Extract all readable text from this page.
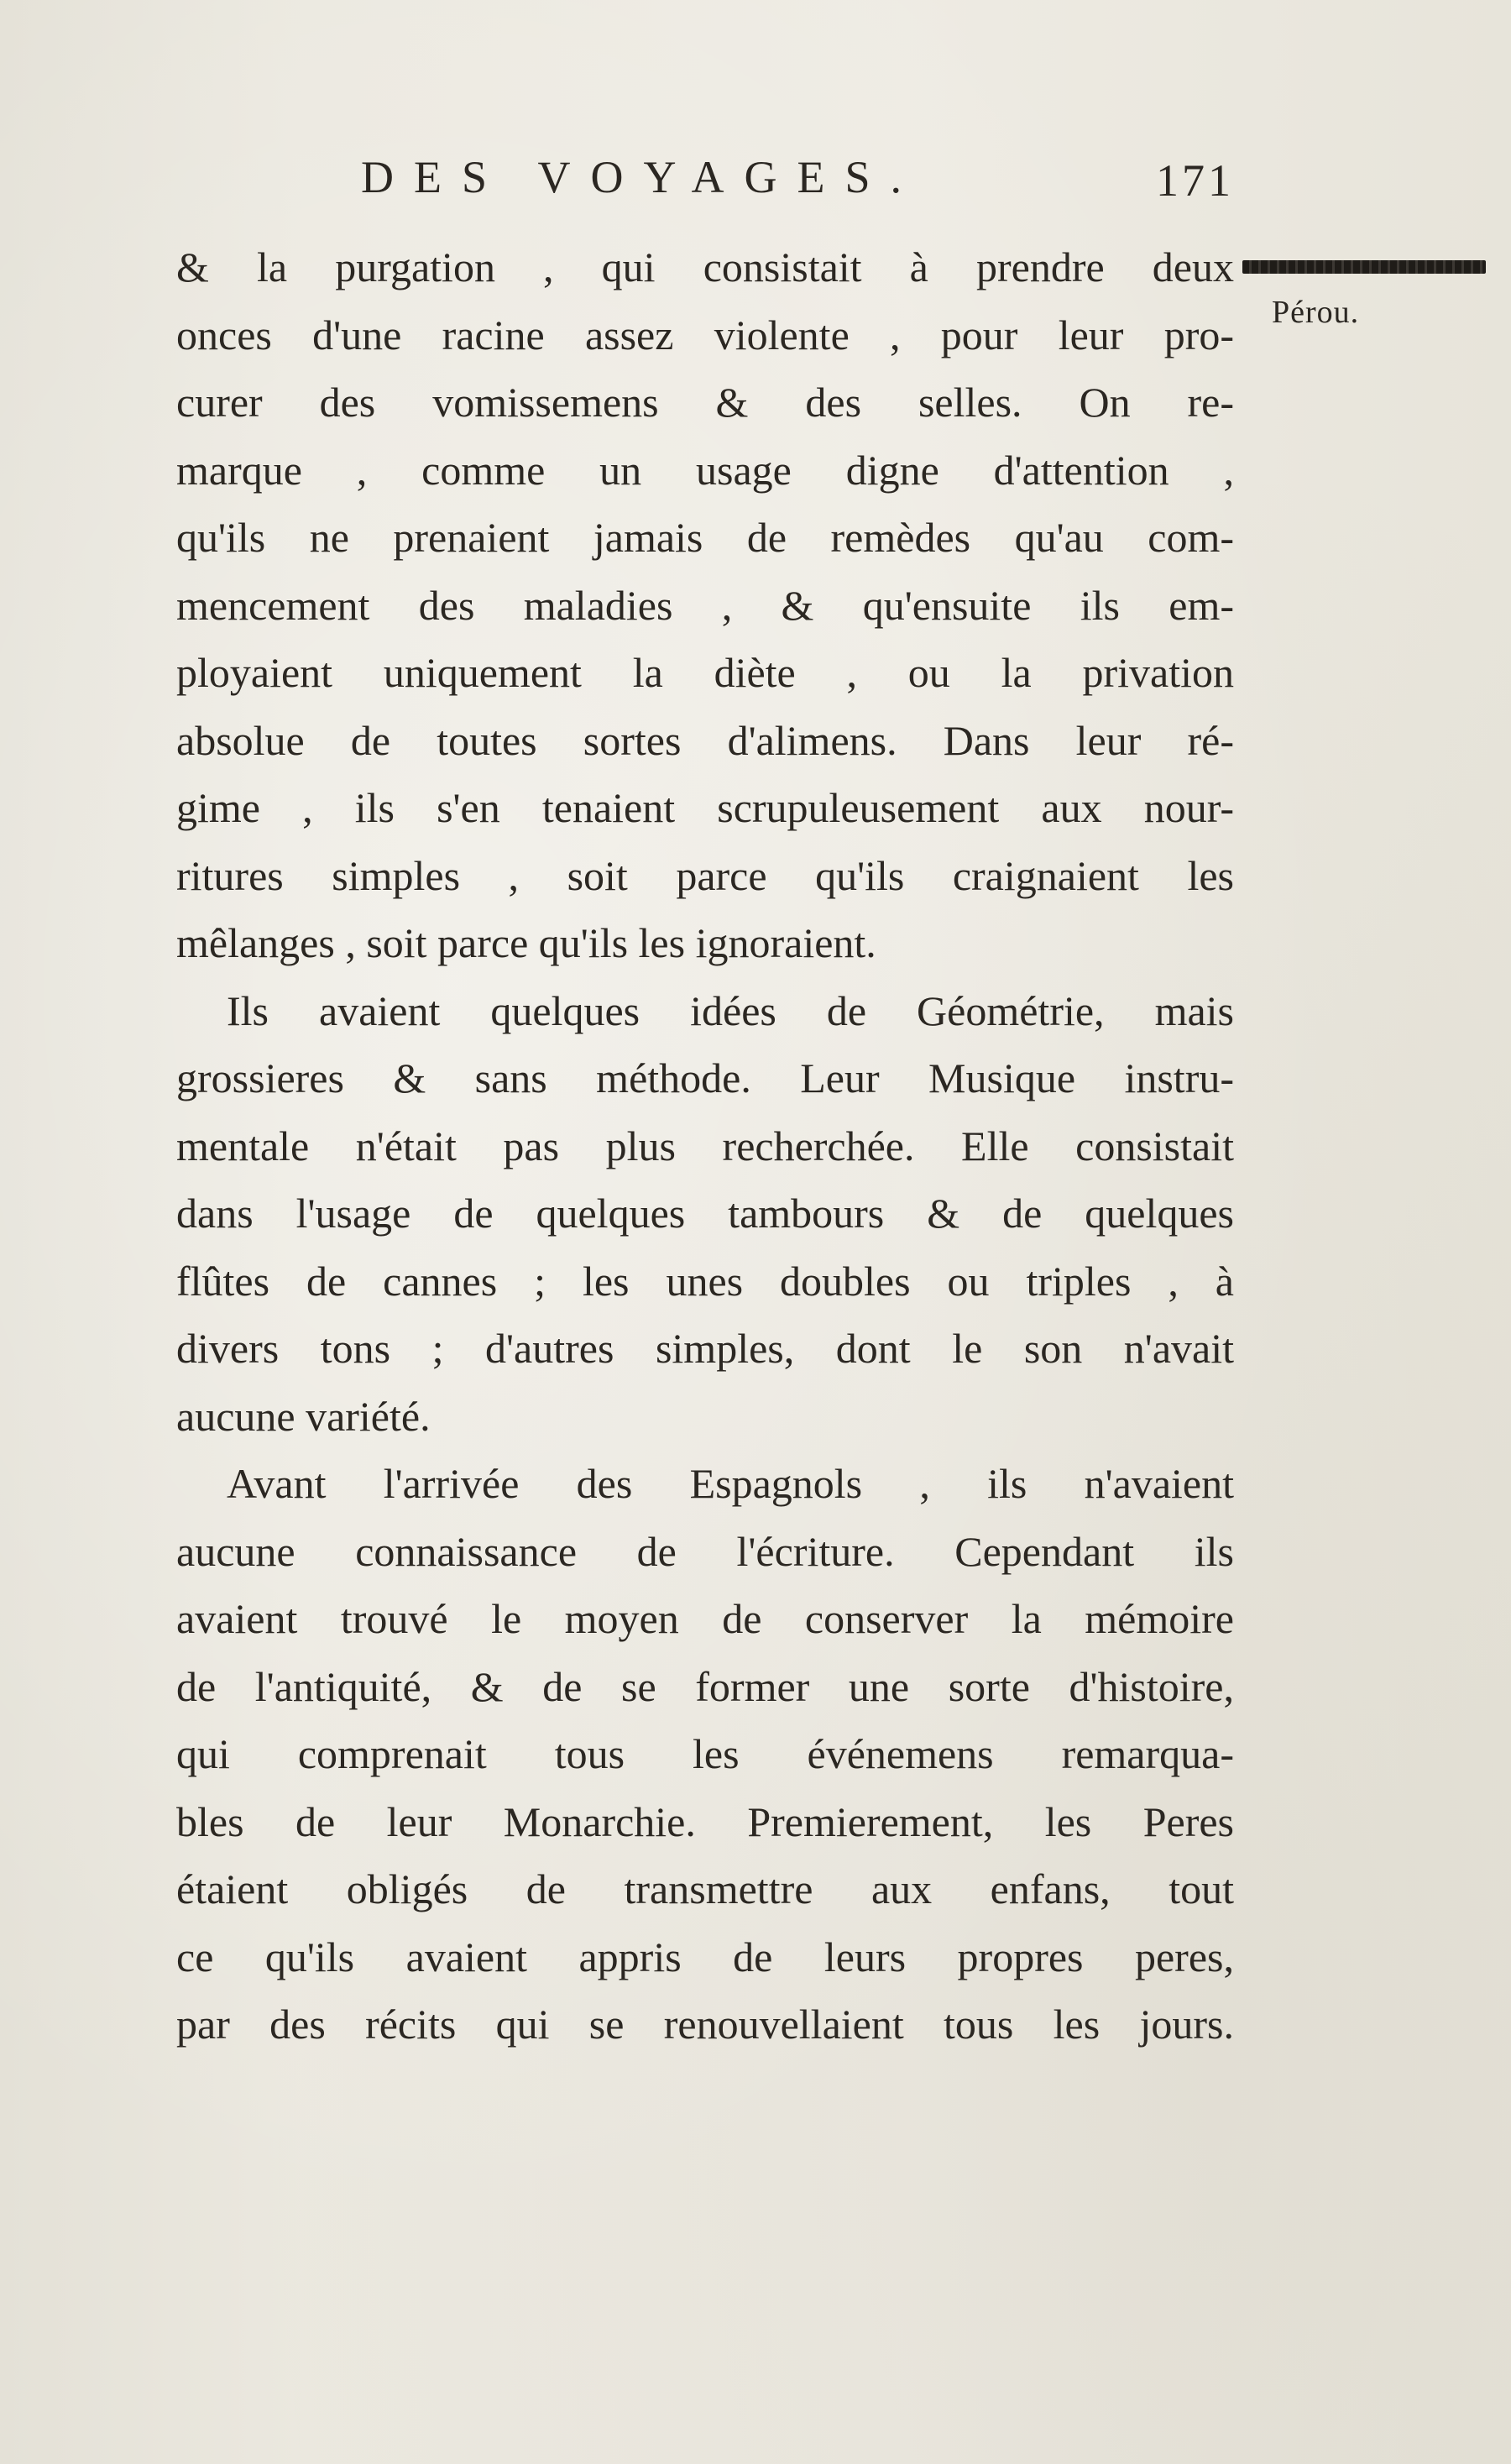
DES VOYAGES.	171
Pérou.
& la purgation , qui consistait à prendre deux
onces d'une racine assez violente , pour leur pro-
curer des vomissemens & des selles. On re-
marque , comme un usage digne d'attention ,
qu'ils ne prenaient jamais de remèdes qu'au com-
mencement des maladies , & qu'ensuite ils em-
ployaient uniquement la diète , ou la privation
absolue de toutes sortes d'alimens. Dans leur ré-
gime , ils s'en tenaient scrupuleusement aux nour-
ritures simples , soit parce qu'ils craignaient les
mêlanges , soit parce qu'ils les ignoraient.
Ils avaient quelques idées de Géométrie, mais
grossieres & sans méthode. Leur Musique instru-
mentale n'était pas plus recherchée. Elle consistait
dans l'usage de quelques tambours & de quelques
flûtes de cannes ; les unes doubles ou triples , à
divers tons ; d'autres simples, dont le son n'avait
aucune variété.
Avant l'arrivée des Espagnols , ils n'avaient
aucune connaissance de l'écriture. Cependant ils
avaient trouvé le moyen de conserver la mémoire
de l'antiquité, & de se former une sorte d'histoire,
qui comprenait tous les événemens remarqua-
bles de leur Monarchie. Premierement, les Peres
étaient obligés de transmettre aux enfans, tout
ce qu'ils avaient appris de leurs propres peres,
par des récits qui se renouvellaient tous les jours.
